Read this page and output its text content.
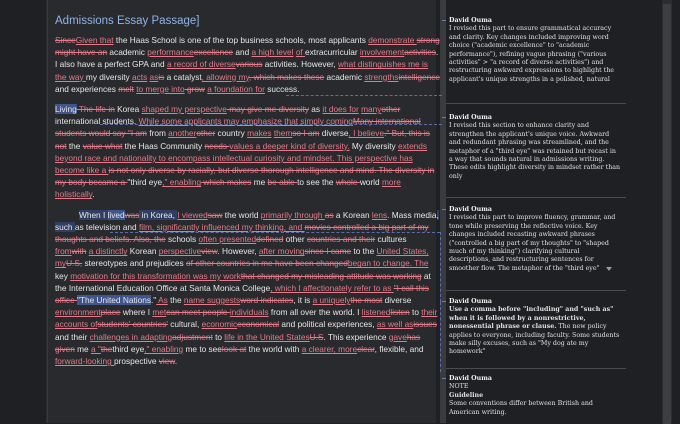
Admissions Essay Passage]
SinceGiven that the Haas School is one of the top business schools, most applicants demonstrate strong might have an academic performanceexcellence and a high level of extracurricular involvementactivities. I also have a perfect GPA and a record of diversevarious activities. However, what distinguishes me is the way my diversity acts asis a catalyst, allowing my, which makes these academic strengthsintelligence and experiences melt to merge into grow a foundation for success.
Living The life in Korea shaped my perspective may give me diversity as it does for manyother international students. While some applicants may emphasize that simply comingMany international students would say "I am from anotherother country makes themso I am diverse, I believe." But, this is not the value what the Haas Community needs values a deeper kind of diversity. My diversity extends beyond race and nationality to encompass intellectual curiosity and mindset. This perspective has become like a is not only diverse by racially, but diverse thorough intelligence and mind. The diversity in my body became a "third eye," enabling which makes me be able to see the whole world more holistically.
When I livedwas in Korea, I viewedsaw the world primarily through as a Korean lens. Mass media, such as television and film, significantly influenced my thinking, and movies controlled a big part of my thoughts and beliefs. Also, the schools often presenteddefined other countries and their cultures fromwith a distinctly Korean perspectiveview. However, after movingsince I came to the United States, myU.S, stereotypes and prejudices of other countries in me have been changedbegan to change. The key motivation for this transformation was my workthat changed my misleading attitude was working at the International Education Office at Santa Monica College, which I affectionately refer to as "I call this office "The United Nations." As the name suggestsword indicates, it is a uniquelythe most diverse environmentplace where I metcan meet people individuals from all over the world. I listenedlisten to their accounts ofstudents' countries' cultural, economiceconomical and political experiences, as well asissues and their challenges in adaptingadjustment to life in the United StatesU.S. This experience gavehas given me a "thethird eye," enabling me to seelook at the world with a clearer, moreclear, flexible, and forward-looking prospective view.
David Ouma
I revised this part to ensure grammatical accuracy and clarity. Key changes included improving word choice ("academic excellence" to "academic performance"), refining vague phrasing ("various activities" > "a record of diverse activities") and restructuring awkward expressions to highlight the applicant's unique strengths in a polished, natural
David Ouma
I revised this section to enhance clarity and strengthen the applicant's unique voice. Awkward and redundant phrasing was streamlined, and the metaphor of a "third eye" was retained but recast in a way that sounds natural in admissions writing. These edits highlight diversity in mindset rather than only
David Ouma
I revised this part to improve fluency, grammar, and tone while preserving the reflective voice. Key changes included recasting awkward phrases ("controlled a big part of my thoughts" to "shaped much of my thinking") clarifying cultural descriptions, and restructuring sentences for smoother flow. The metaphor of the "third eye"
David Ouma
Use a comma before "including" and "such as" when it is followed by a nonrestrictive, nonessential phrase or clause. The new policy applies to everyone, including faculty. Some students make silly excuses, such as "My dog ate my homework"
David Ouma
NOTE
Guideline
Some conventions differ between British and American writing.
